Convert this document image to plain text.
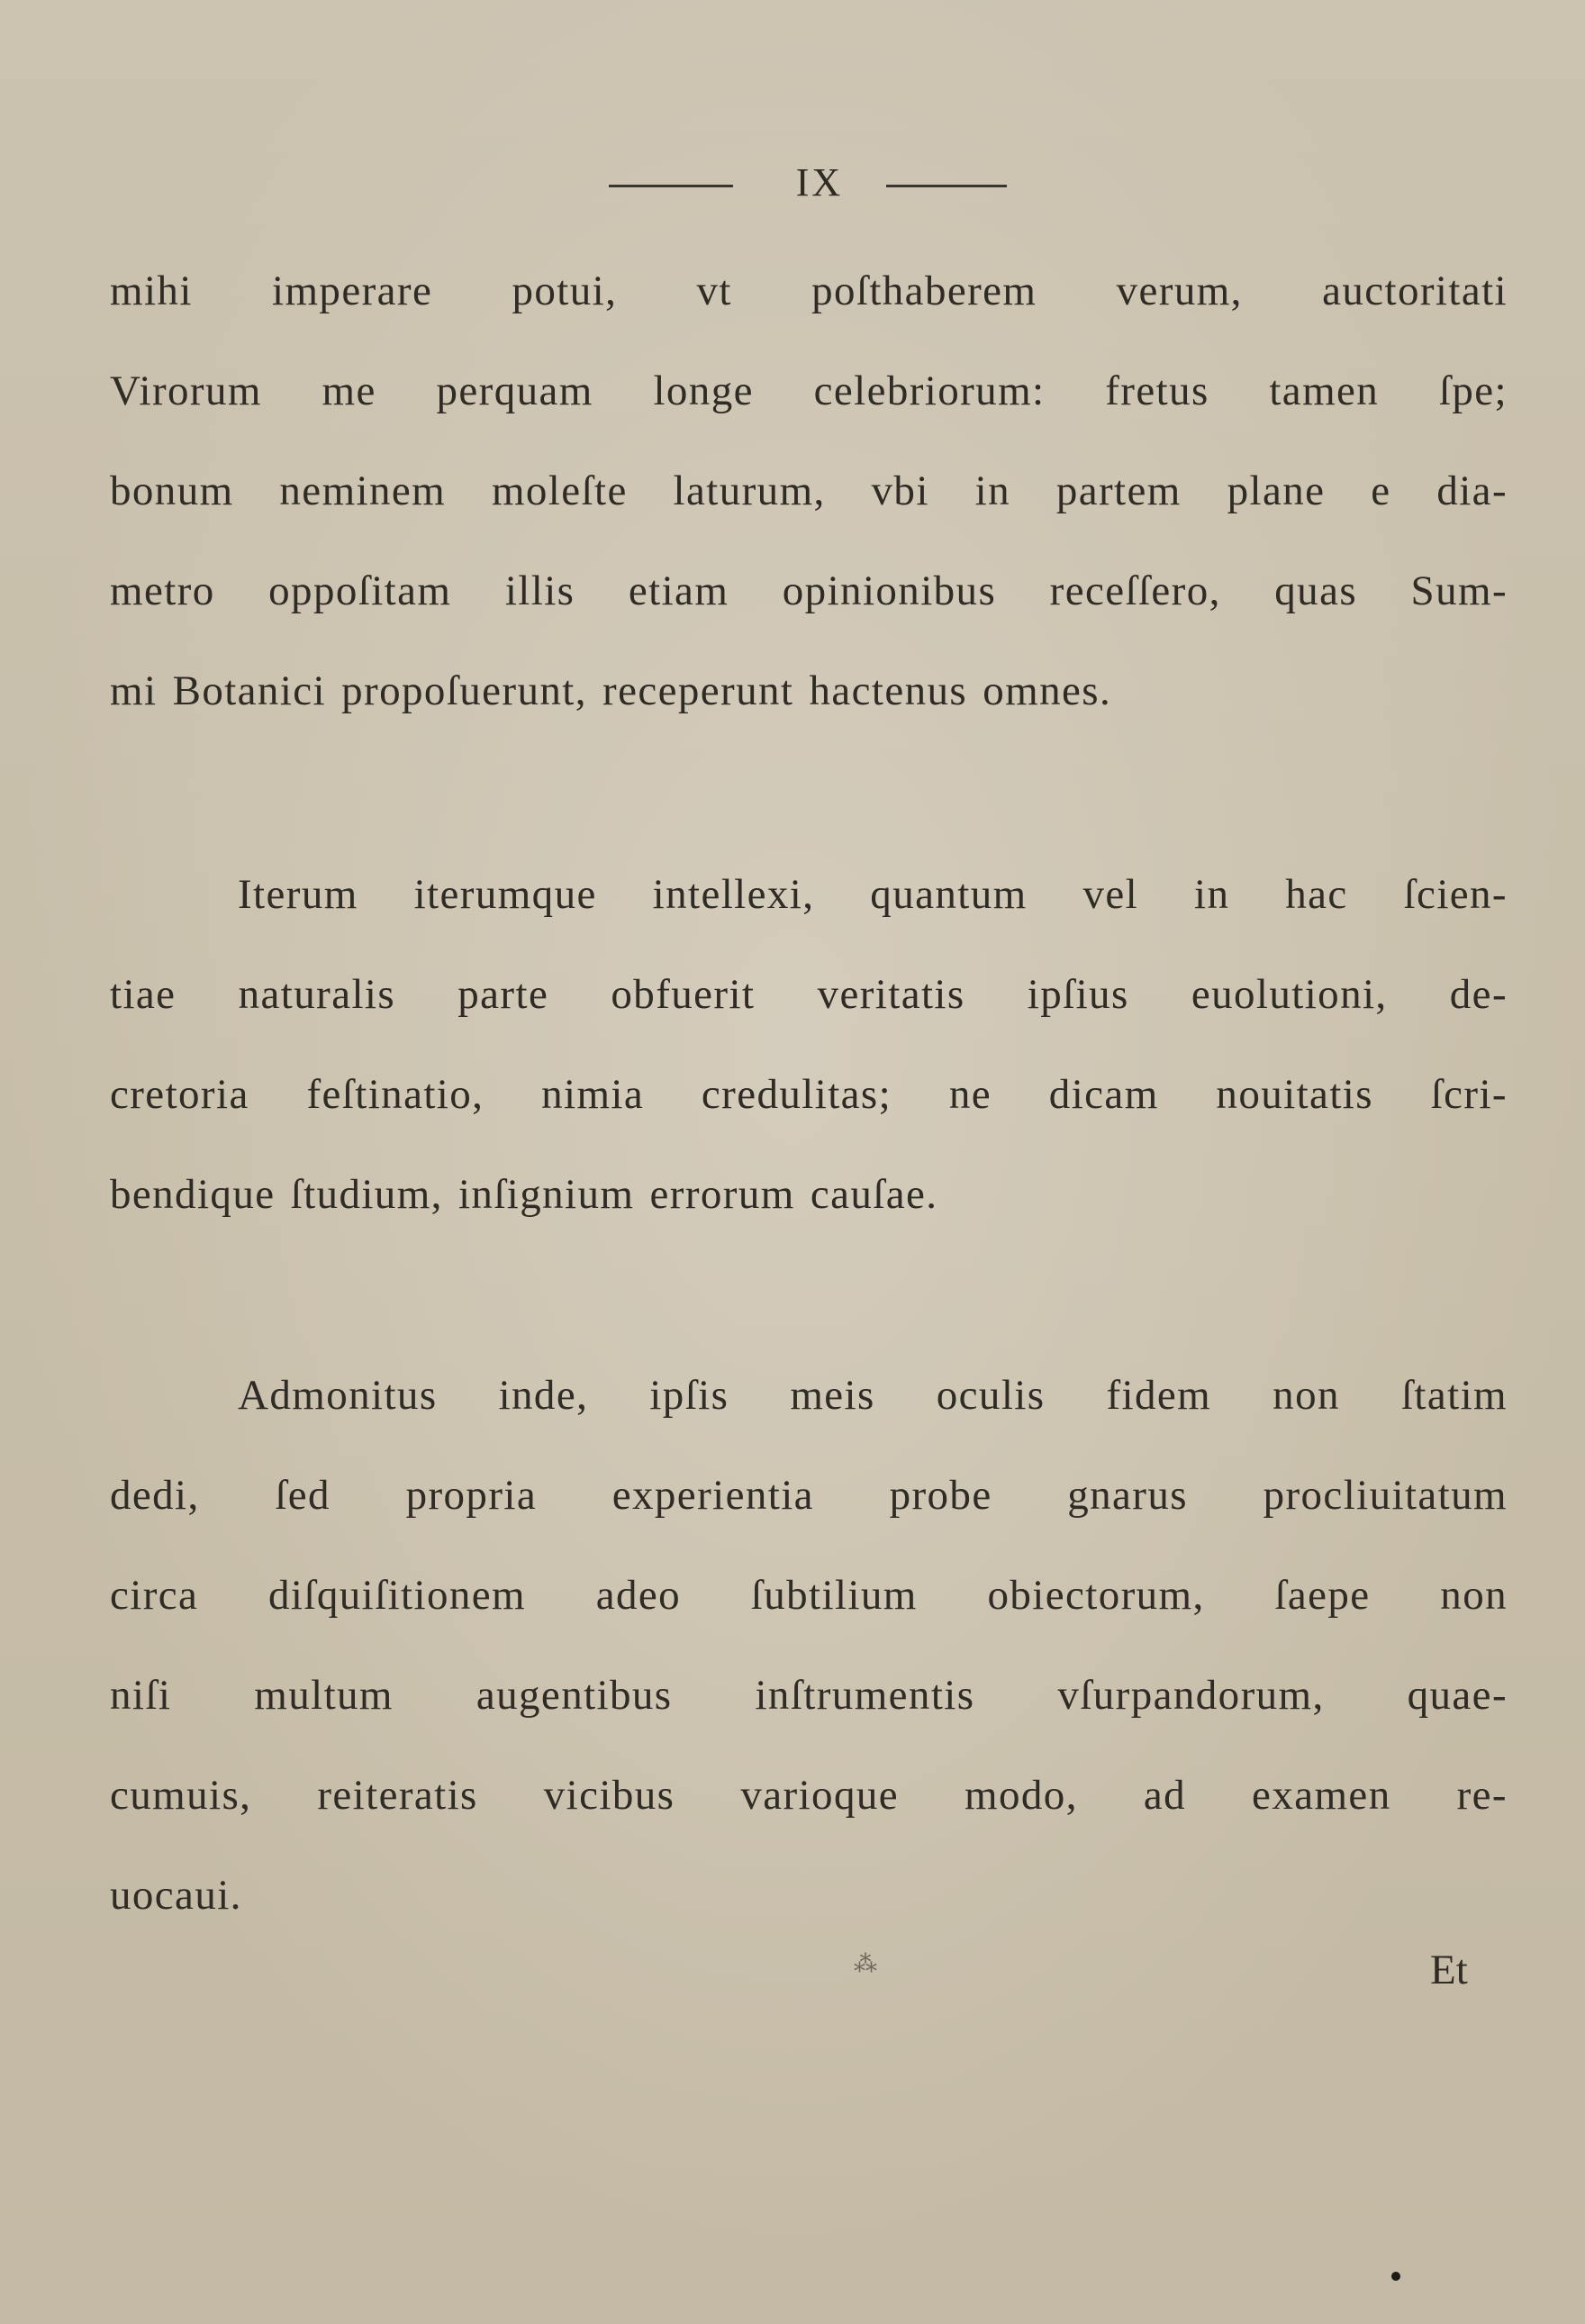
IX
mihi imperare potui, vt poſthaberem verum, auctoritati
Virorum me perquam longe celebriorum: fretus tamen ſpe;
bonum neminem moleſte laturum, vbi in partem plane e dia-
metro oppoſitam illis etiam opinionibus receſſero, quas Sum-
mi Botanici propoſuerunt, receperunt hactenus omnes.
Iterum iterumque intellexi, quantum vel in hac ſcien-
tiae naturalis parte obfuerit veritatis ipſius euolutioni, de-
cretoria feſtinatio, nimia credulitas; ne dicam nouitatis ſcri-
bendique ſtudium, inſignium errorum cauſae.
Admonitus inde, ipſis meis oculis fidem non ſtatim
dedi, ſed propria experientia probe gnarus procliuitatum
circa diſquiſitionem adeo ſubtilium obiectorum, ſaepe non
niſi multum augentibus inſtrumentis vſurpandorum, quae-
cumuis, reiteratis vicibus varioque modo, ad examen re-
uocaui.
⁂	Et
